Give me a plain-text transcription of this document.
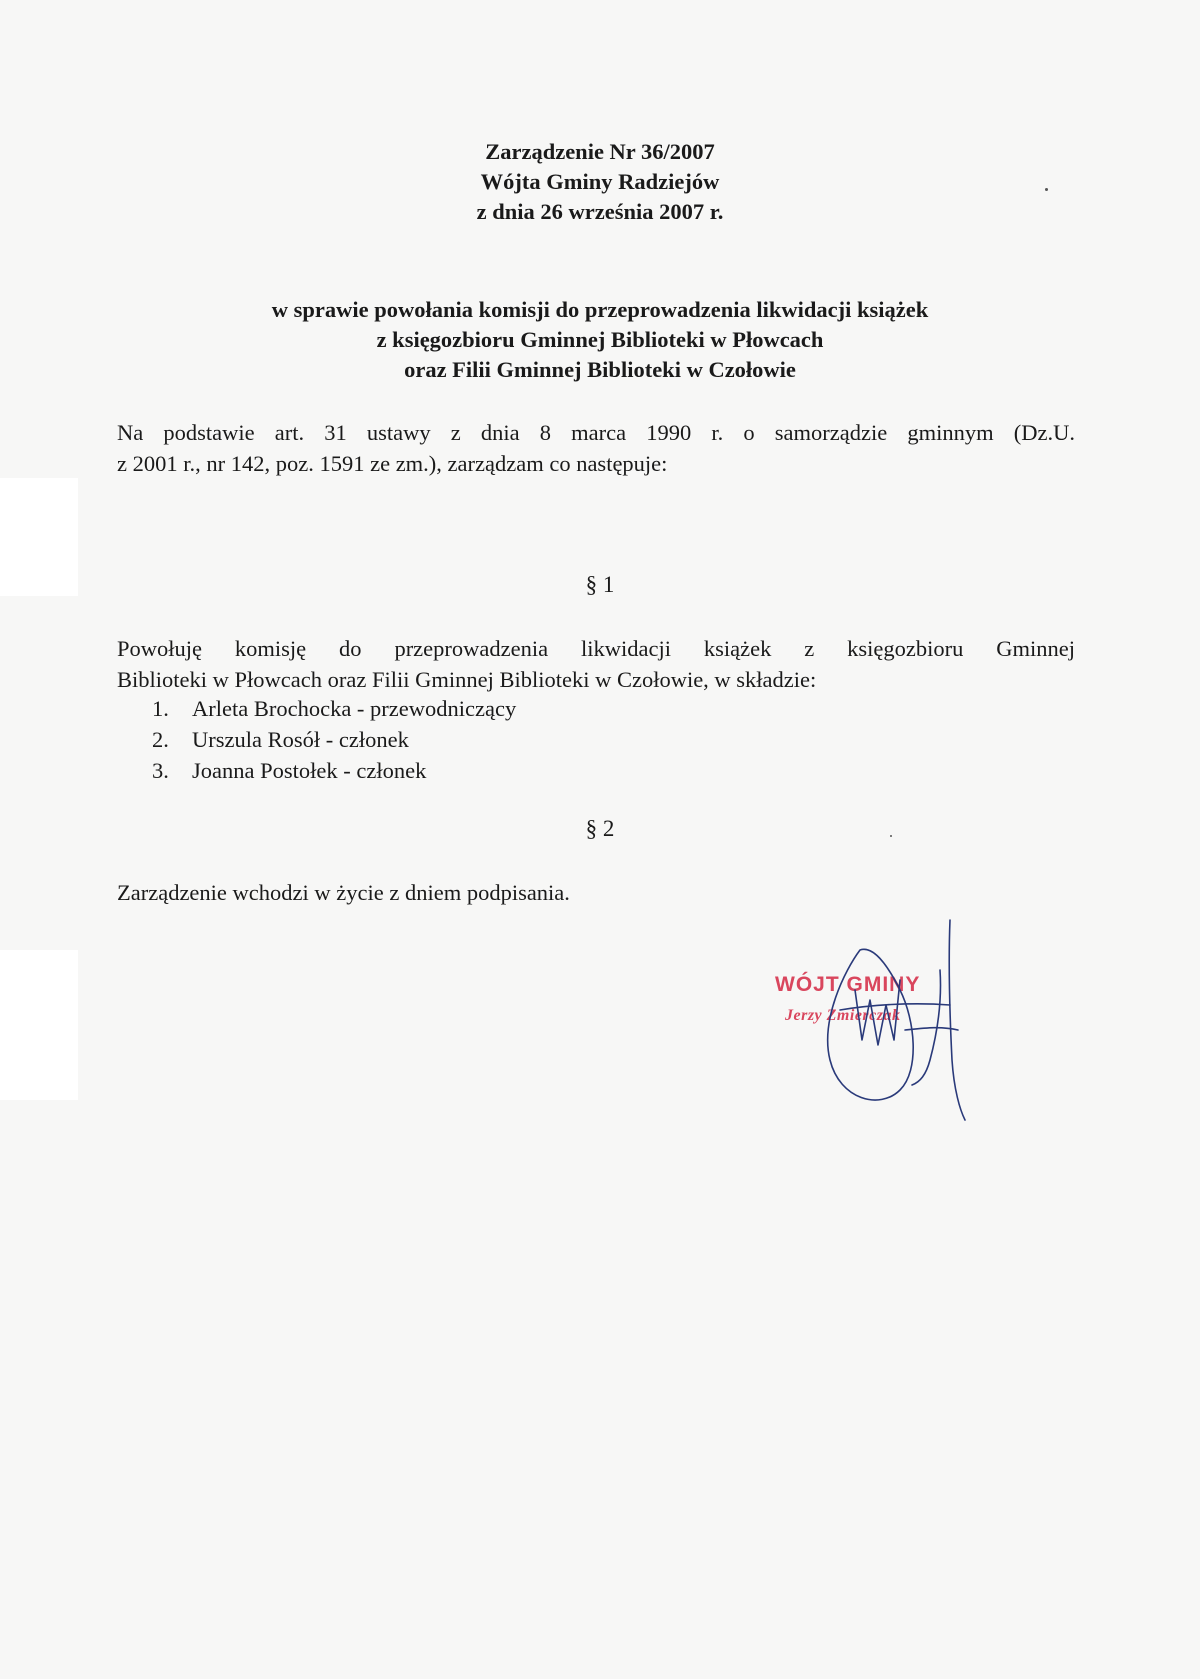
Zarządzenie Nr 36/2007
Wójta Gminy Radziejów
z dnia 26 września 2007 r.
w sprawie powołania komisji do przeprowadzenia likwidacji książek
z księgozbioru Gminnej Biblioteki w Płowcach
oraz Filii Gminnej Biblioteki w Czołowie
Na podstawie art. 31 ustawy z dnia 8 marca 1990 r. o samorządzie gminnym (Dz.U.
z 2001 r., nr 142, poz. 1591 ze zm.), zarządzam co następuje:
§ 1
Powołuję komisję do przeprowadzenia likwidacji książek z księgozbioru Gminnej
Biblioteki w Płowcach oraz Filii Gminnej Biblioteki w Czołowie, w składzie:
1. Arleta Brochocka - przewodniczący
2. Urszula Rosół - członek
3. Joanna Postołek - członek
§ 2
Zarządzenie wchodzi w życie z dniem podpisania.
WÓJT GMINY
Jerzy Zmierczak
